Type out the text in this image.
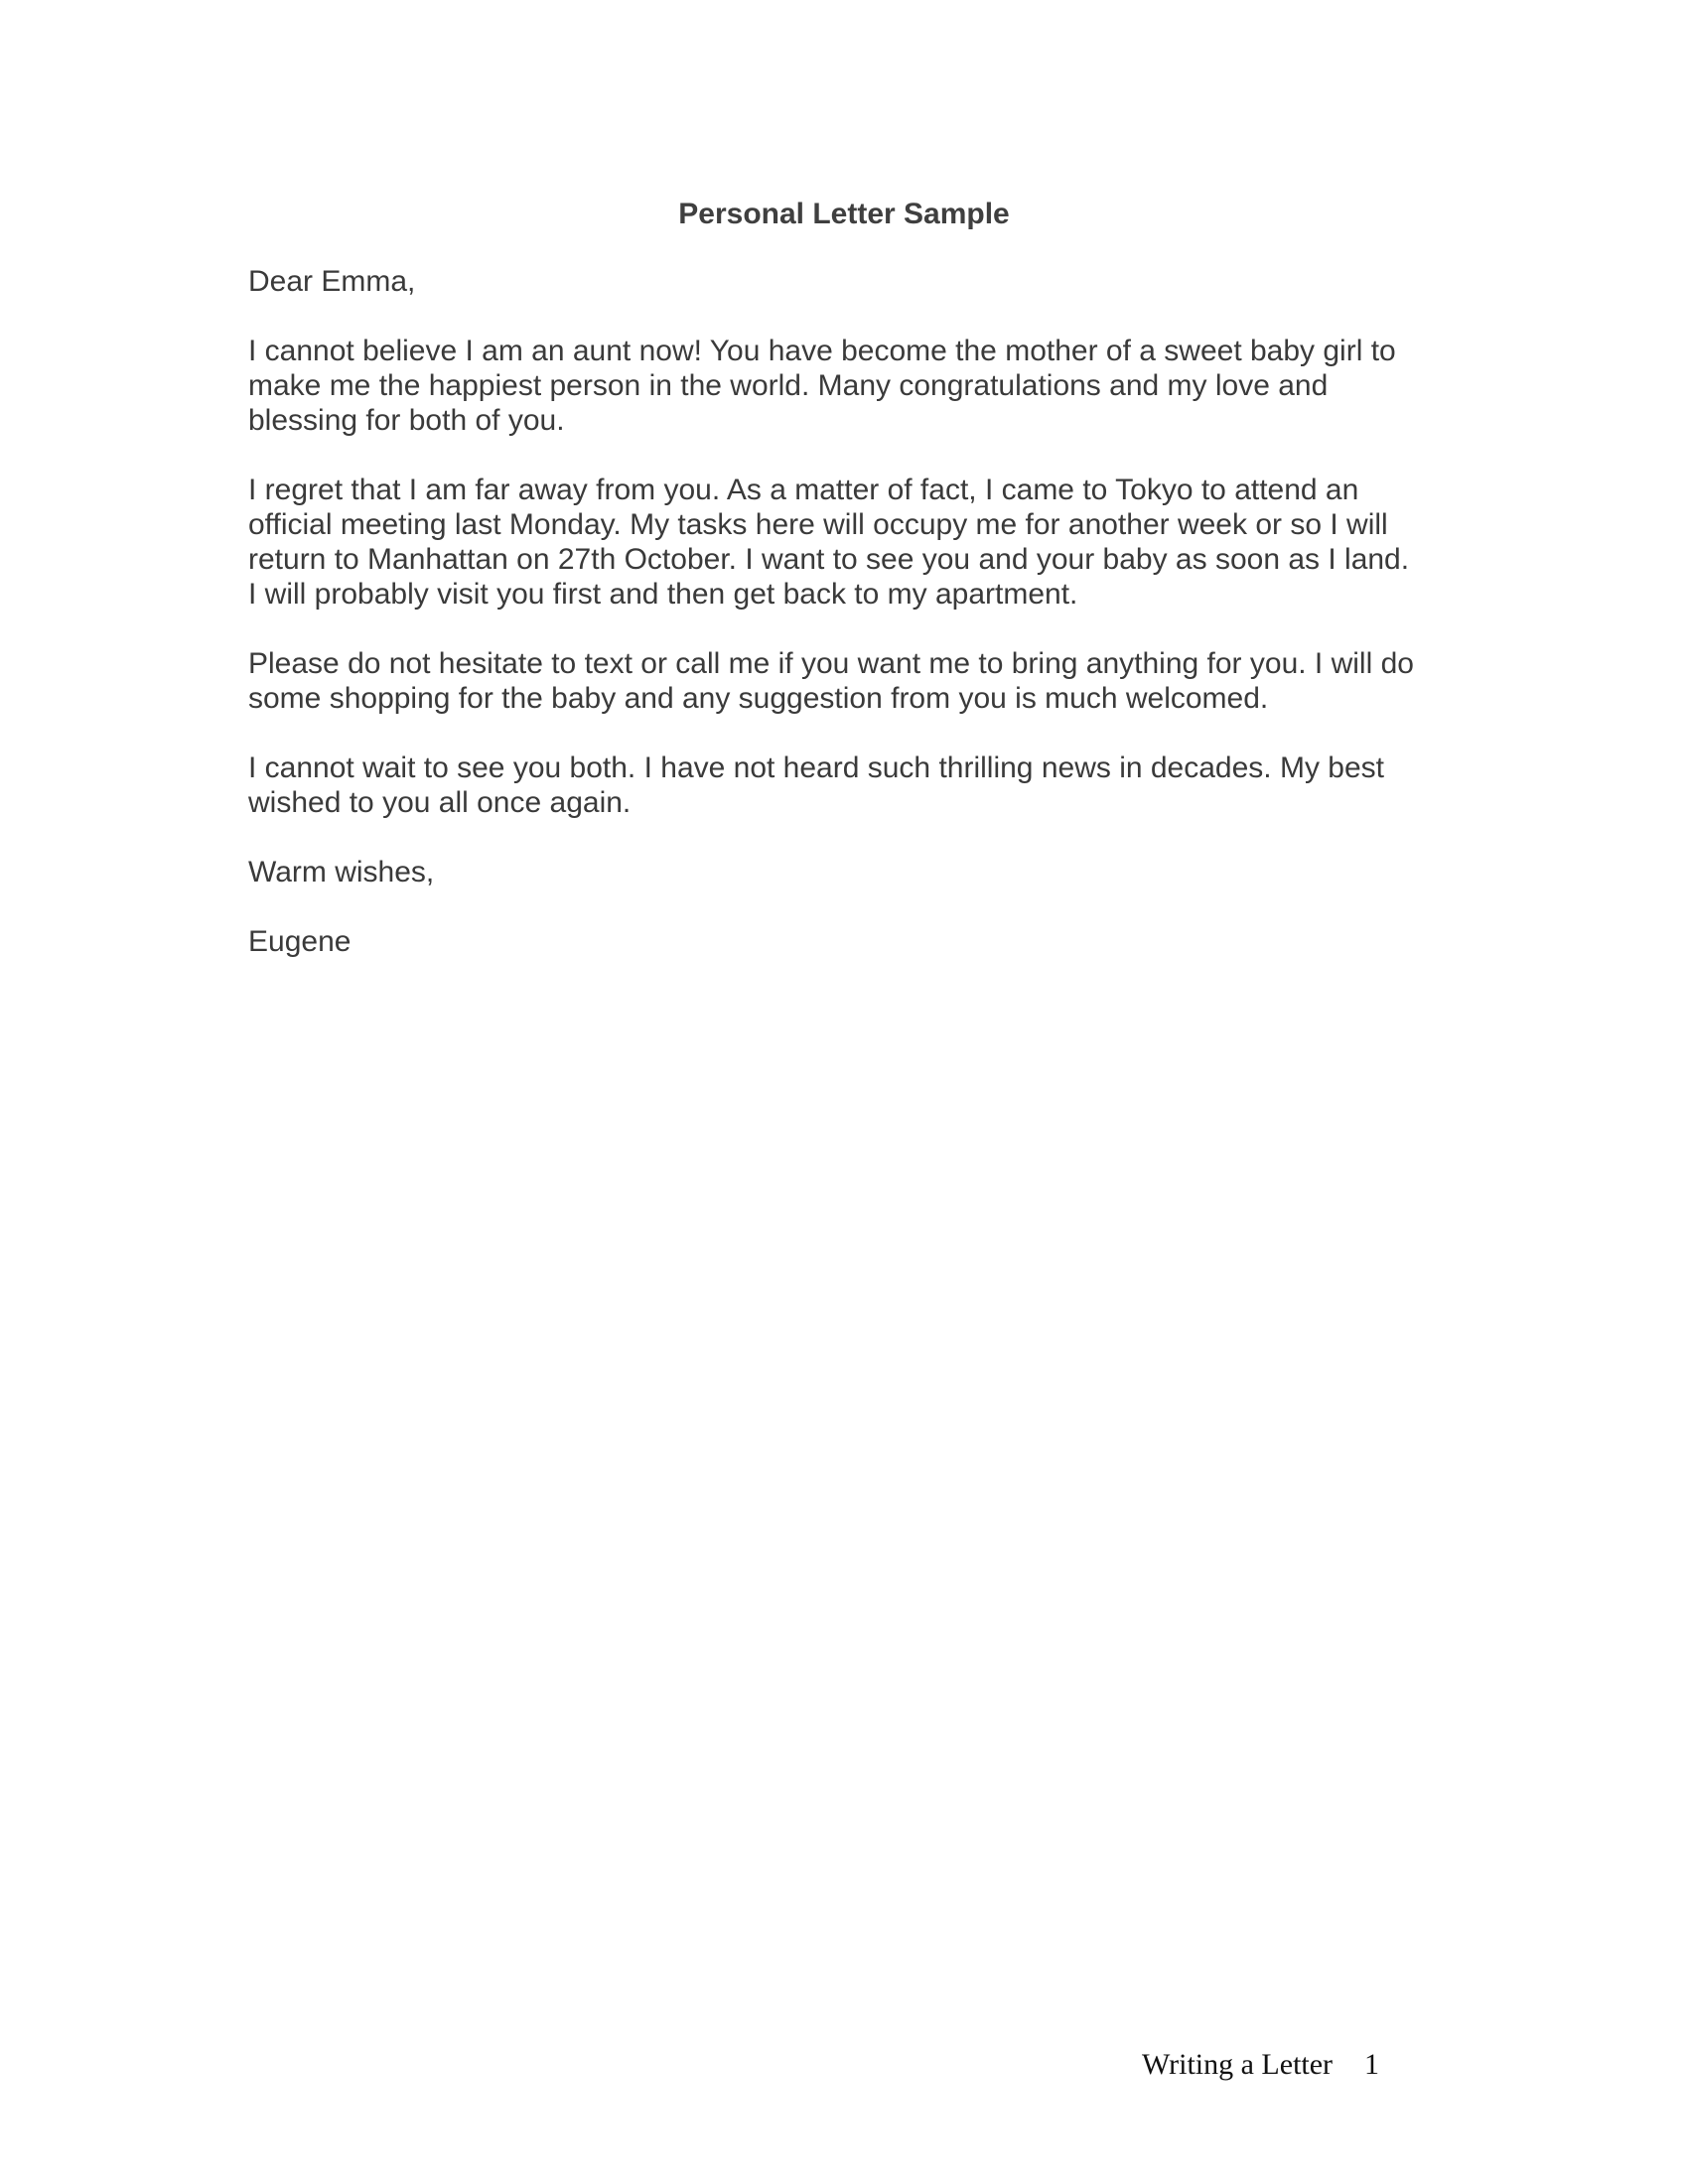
Personal Letter Sample

Dear Emma,

I cannot believe I am an aunt now! You have become the mother of a sweet baby girl to
make me the happiest person in the world. Many congratulations and my love and
blessing for both of you.

I regret that I am far away from you. As a matter of fact, I came to Tokyo to attend an
official meeting last Monday. My tasks here will occupy me for another week or so I will
return to Manhattan on 27th October. I want to see you and your baby as soon as I land.
I will probably visit you first and then get back to my apartment.

Please do not hesitate to text or call me if you want me to bring anything for you. I will do
some shopping for the baby and any suggestion from you is much welcomed.

I cannot wait to see you both. I have not heard such thrilling news in decades. My best
wished to you all once again.

Warm wishes,

Eugene

Writing a Letter 1
